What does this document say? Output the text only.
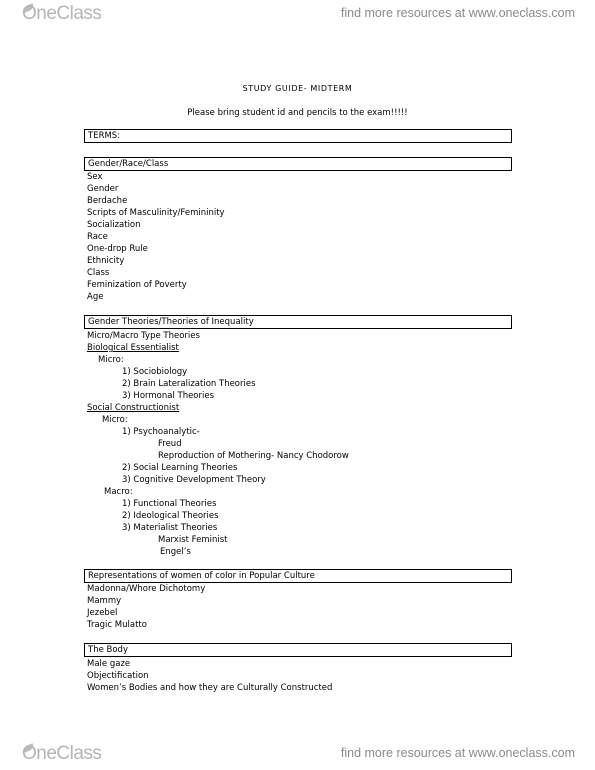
OneClass	find more resources at www.oneclass.com
STUDY GUIDE- MIDTERM
Please bring student id and pencils to the exam!!!!!
TERMS:
Gender/Race/Class
Sex
Gender
Berdache
Scripts of Masculinity/Femininity
Socialization
Race
One-drop Rule
Ethnicity
Class
Feminization of Poverty
Age
Gender Theories/Theories of Inequality
Micro/Macro Type Theories
Biological Essentialist
Micro:
1) Sociobiology
2) Brain Lateralization Theories
3) Hormonal Theories
Social Constructionist
Micro:
1) Psychoanalytic-
Freud
Reproduction of Mothering- Nancy Chodorow
2) Social Learning Theories
3) Cognitive Development Theory
Macro:
1) Functional Theories
2) Ideological Theories
3) Materialist Theories
Marxist Feminist
Engel’s
Representations of women of color in Popular Culture
Madonna/Whore Dichotomy
Mammy
Jezebel
Tragic Mulatto
The Body
Male gaze
Objectification
Women’s Bodies and how they are Culturally Constructed
OneClass	find more resources at www.oneclass.com
